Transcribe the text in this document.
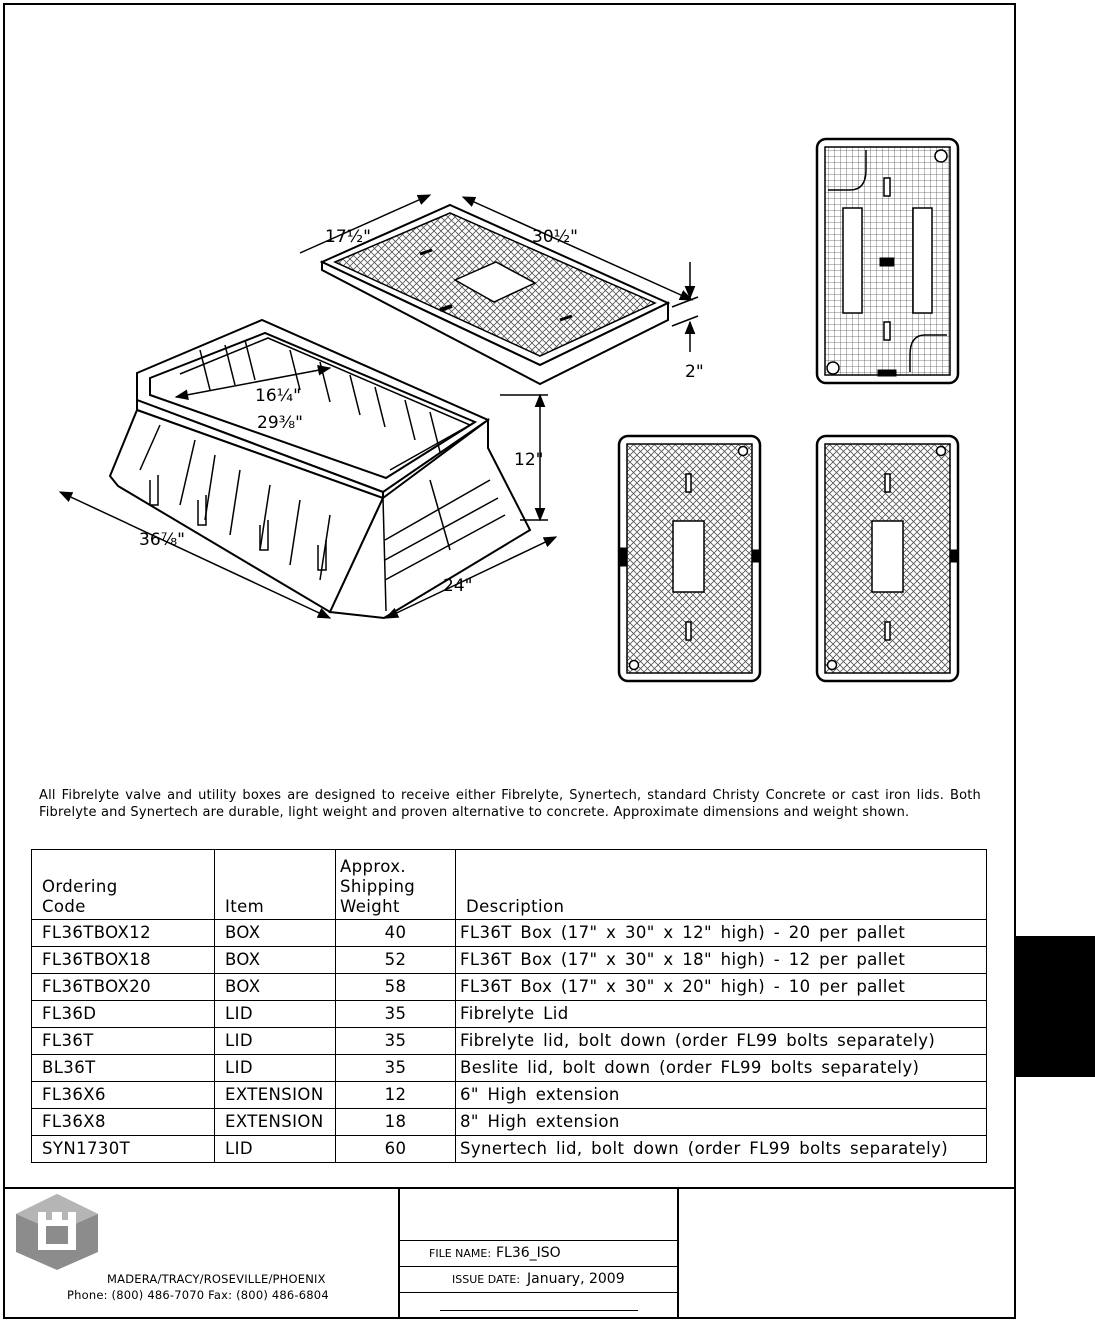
17½"	30½"
2"
16¼"
29⅜"
12"
36⅞"
24"
All Fibrelyte valve and utility boxes are designed to receive either Fibrelyte, Synertech, standard Christy Concrete or cast iron lids. Both Fibrelyte and Synertech are durable, light weight and proven alternative to concrete. Approximate dimensions and weight shown.
Ordering
Code	Item	Approx.
Shipping
Weight	Description
FL36TBOX12	BOX	40	FL36T Box (17" x 30" x 12" high) - 20 per pallet
FL36TBOX18	BOX	52	FL36T Box (17" x 30" x 18" high) - 12 per pallet
FL36TBOX20	BOX	58	FL36T Box (17" x 30" x 20" high) - 10 per pallet
FL36D	LID	35	Fibrelyte Lid
FL36T	LID	35	Fibrelyte lid, bolt down (order FL99 bolts separately)
BL36T	LID	35	Beslite lid, bolt down (order FL99 bolts separately)
FL36X6	EXTENSION	12	6" High extension
FL36X8	EXTENSION	18	8" High extension
SYN1730T	LID	60	Synertech lid, bolt down (order FL99 bolts separately)
MADERA/TRACY/ROSEVILLE/PHOENIX
Phone: (800) 486-7070 Fax: (800) 486-6804
FILE NAME: FL36_ISO
ISSUE DATE: January, 2009
